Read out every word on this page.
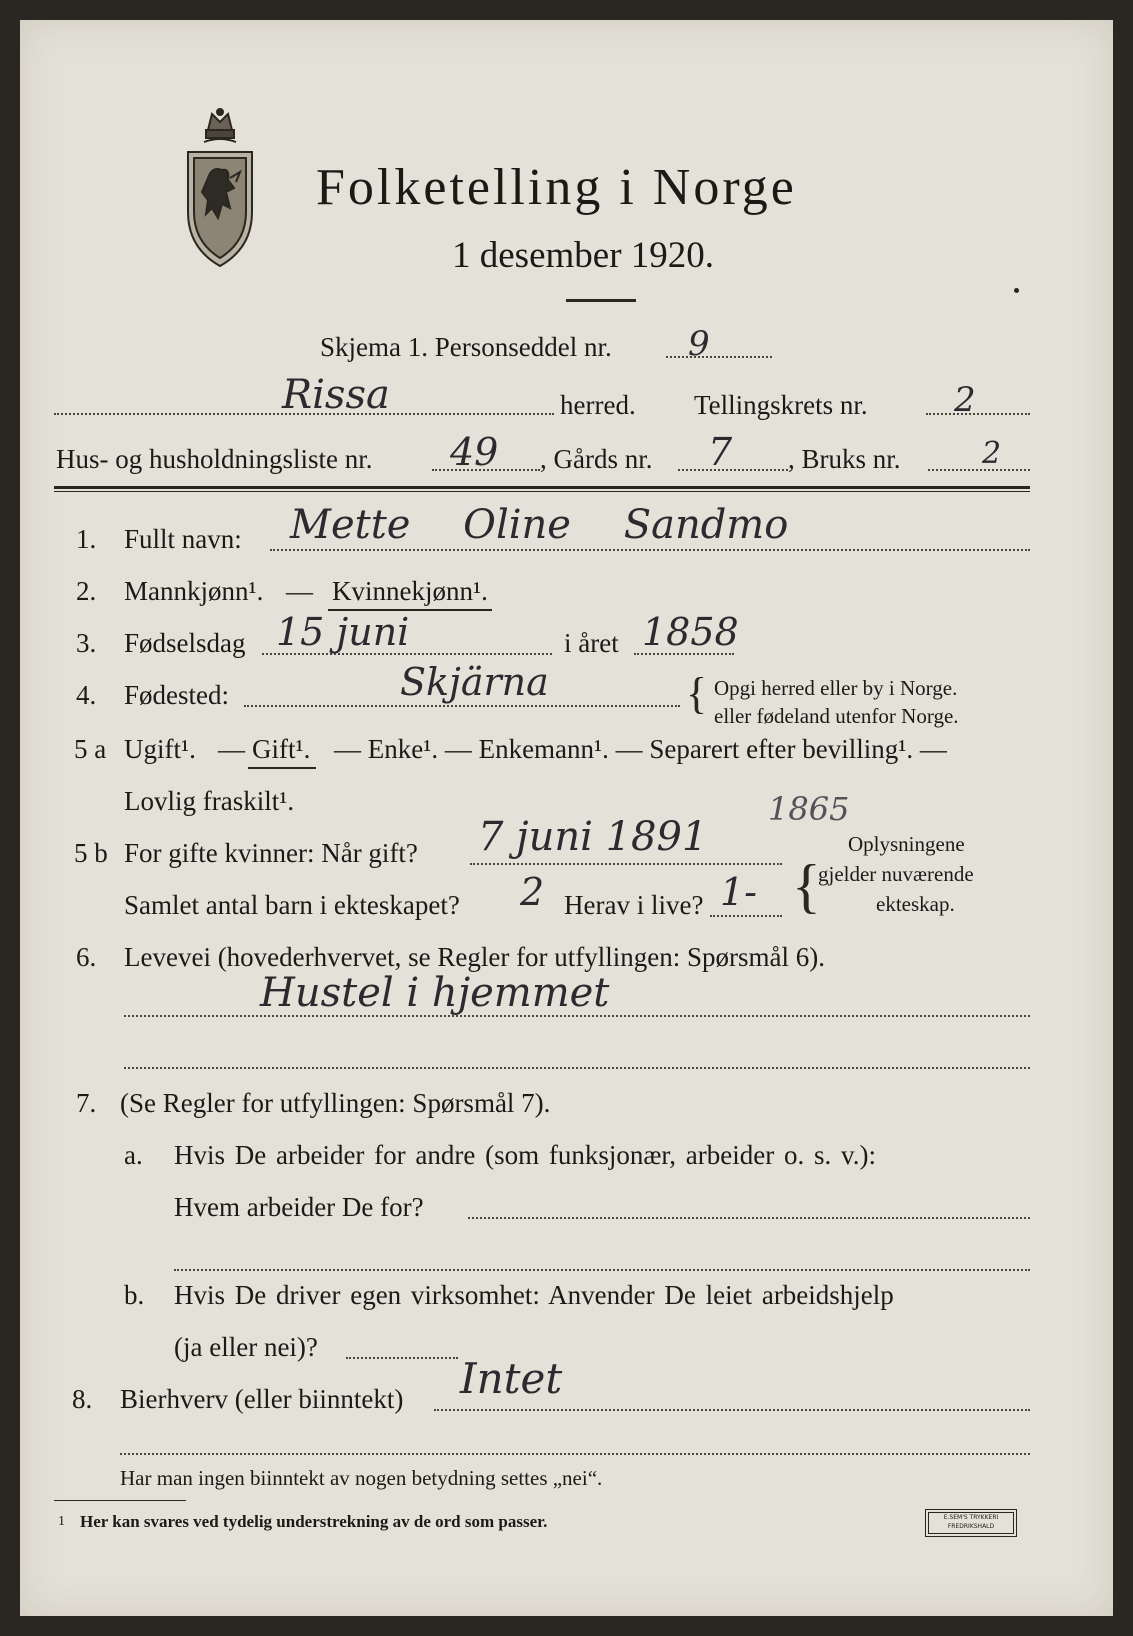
Folketelling i Norge
1 desember 1920.
Skjema 1. Personseddel nr. 9
Rissa	herred. Tellingskrets nr.	2
Hus- og husholdningsliste nr. 49 , Gårds nr. 7 , Bruks nr.	2
1. Fullt navn: Mette Oline Sandmo
2. Mannkjønn¹. — Kvinnekjønn¹.
3. Fødselsdag 15 juni	i året 1858
4. Fødested:	Skjärna	{ Opgi herred eller by i Norge.
eller fødeland utenfor Norge.
5 a Ugift¹. — Gift¹. — Enke¹. — Enkemann¹. — Separert efter bevilling¹. —
Lovlig fraskilt¹.
5 b For gifte kvinner: Når gift? 7 juni 1891
1865
Samlet antal barn i ekteskapet? 2 Herav i live? 1- {
Oplysningene
gjelder nuværende
ekteskap.
6. Levevei (hovederhvervet, se Regler for utfyllingen: Spørsmål 6).
Hustel i hjemmet
7. (Se Regler for utfyllingen: Spørsmål 7).
a. Hvis De arbeider for andre (som funksjonær, arbeider o. s. v.):
Hvem arbeider De for?
b. Hvis De driver egen virksomhet: Anvender De leiet arbeidshjelp
(ja eller nei)?
8. Bierhverv (eller biinntekt) Intet
Har man ingen biinntekt av nogen betydning settes „nei“.
1 Her kan svares ved tydelig understrekning av de ord som passer.	E.SEM'S TRYKKERI FREDRIKSHALD
